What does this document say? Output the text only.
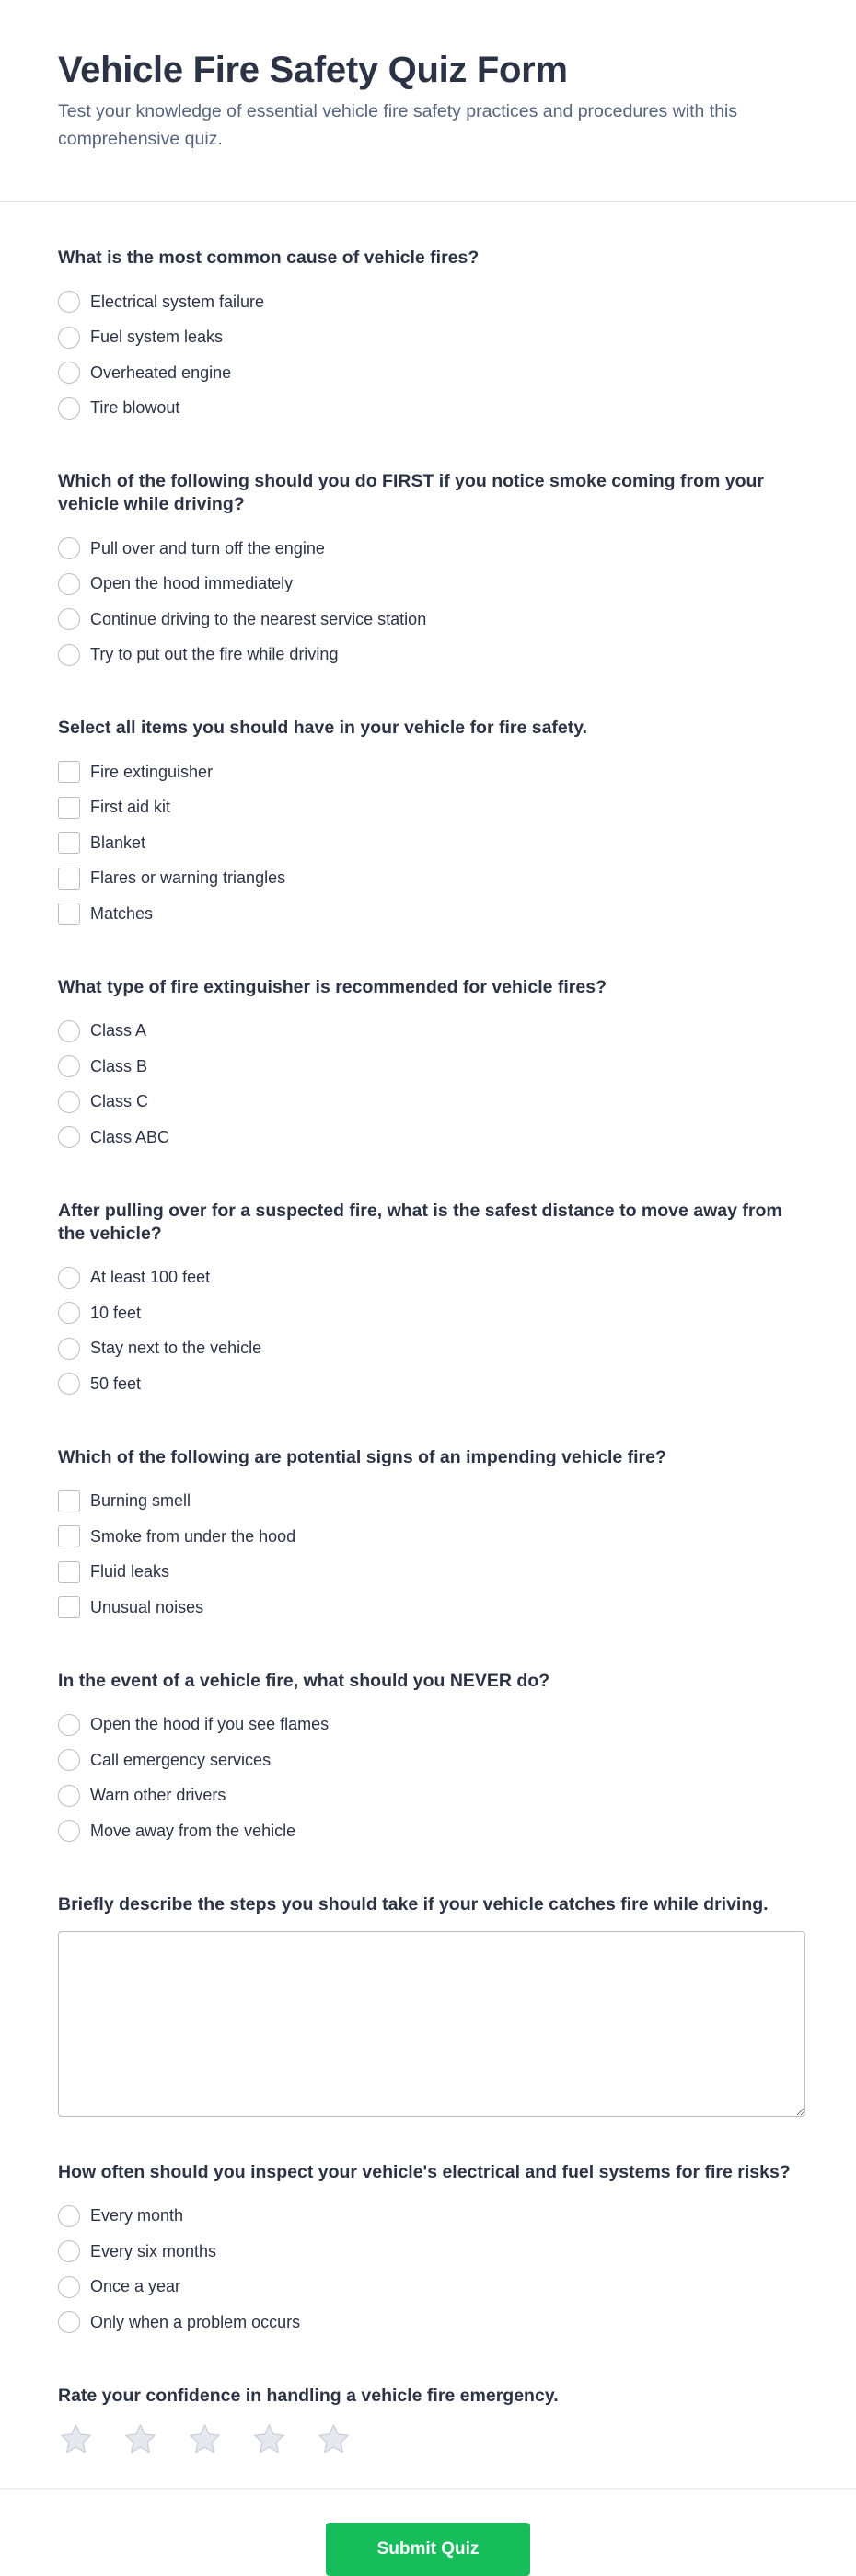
Vehicle Fire Safety Quiz Form

Test your knowledge of essential vehicle fire safety practices and procedures with this comprehensive quiz.

What is the most common cause of vehicle fires?
Electrical system failure
Fuel system leaks
Overheated engine
Tire blowout
Which of the following should you do FIRST if you notice smoke coming from your vehicle while driving?
Pull over and turn off the engine
Open the hood immediately
Continue driving to the nearest service station
Try to put out the fire while driving
Select all items you should have in your vehicle for fire safety.
Fire extinguisher
First aid kit
Blanket
Flares or warning triangles
Matches
What type of fire extinguisher is recommended for vehicle fires?
Class A
Class B
Class C
Class ABC
After pulling over for a suspected fire, what is the safest distance to move away from the vehicle?
At least 100 feet
10 feet
Stay next to the vehicle
50 feet
Which of the following are potential signs of an impending vehicle fire?
Burning smell
Smoke from under the hood
Fluid leaks
Unusual noises
In the event of a vehicle fire, what should you NEVER do?
Open the hood if you see flames
Call emergency services
Warn other drivers
Move away from the vehicle
Briefly describe the steps you should take if your vehicle catches fire while driving.
How often should you inspect your vehicle's electrical and fuel systems for fire risks?
Every month
Every six months
Once a year
Only when a problem occurs
Rate your confidence in handling a vehicle fire emergency.
Submit Quiz
